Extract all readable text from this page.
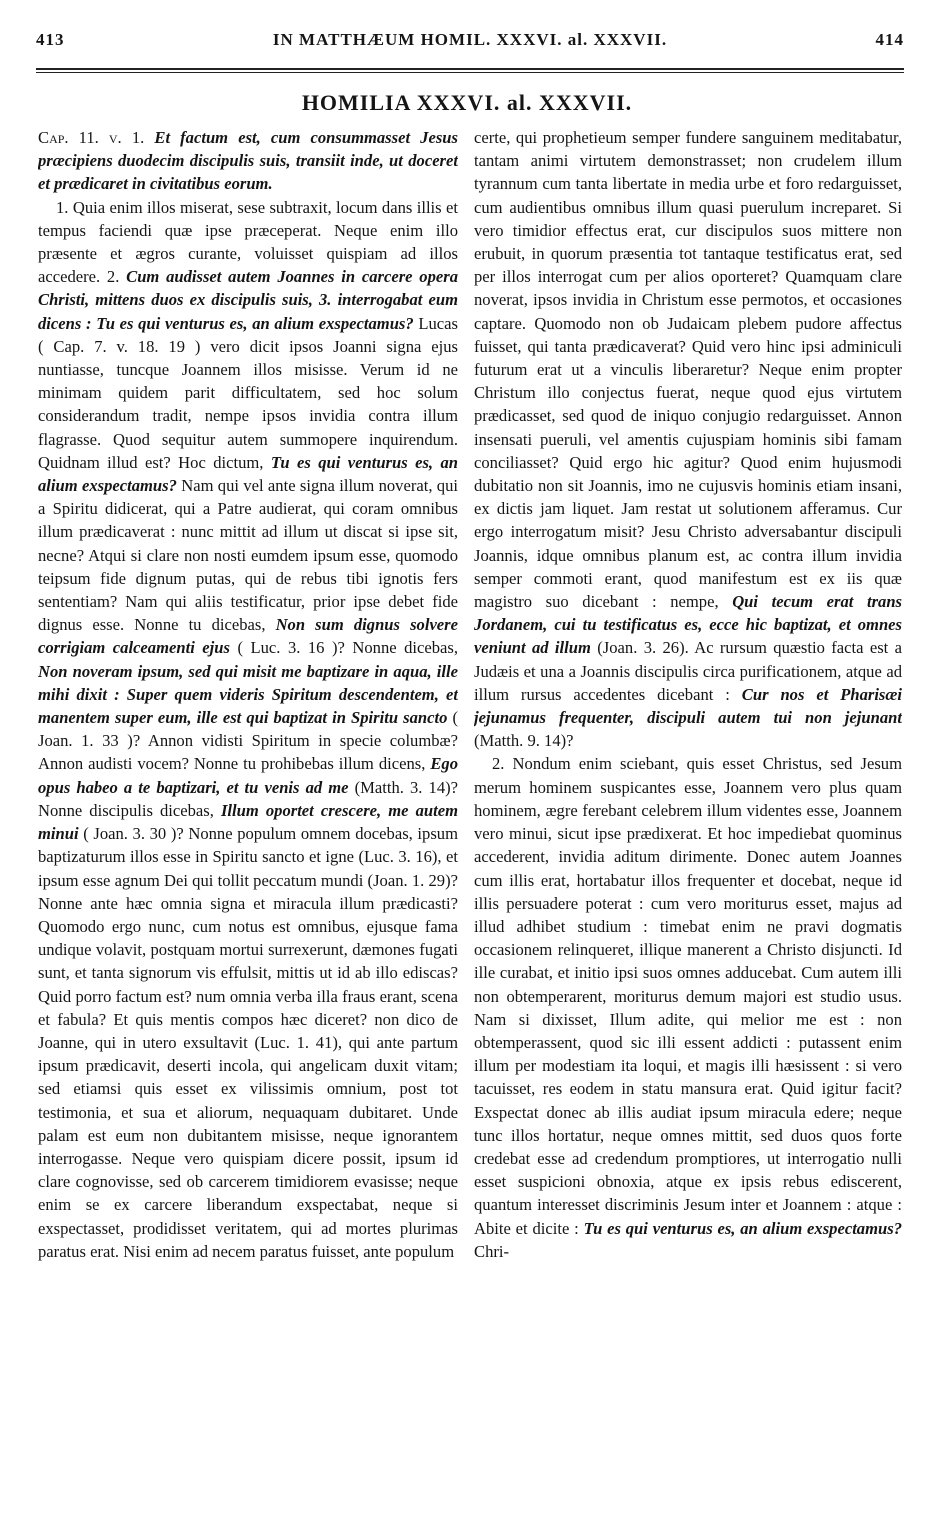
413	IN MATTHÆUM HOMIL. XXXVI. al. XXXVII.	414
HOMILIA XXXVI. al. XXXVII.

Cap. 11. v. 1. Et factum est, cum consummasset Jesus præcipiens duodecim discipulis suis, transiit inde, ut doceret et prædicaret in civitatibus eorum.

1. Quia enim illos miserat, sese subtraxit, locum dans illis et tempus faciendi quæ ipse præceperat. Neque enim illo præsente et ægros curante, voluisset quispiam ad illos accedere. 2. Cum audisset autem Joannes in carcere opera Christi, mittens duos ex discipulis suis, 3. interrogabat eum dicens : Tu es qui venturus es, an alium exspectamus? Lucas ( Cap. 7. v. 18. 19 ) vero dicit ipsos Joanni signa ejus nuntiasse, tuncque Joannem illos misisse. Verum id ne minimam quidem parit difficultatem, sed hoc solum considerandum tradit, nempe ipsos invidia contra illum flagrasse. Quod sequitur autem summopere inquirendum. Quidnam illud est? Hoc dictum, Tu es qui venturus es, an alium exspectamus? Nam qui vel ante signa illum noverat, qui a Spiritu didicerat, qui a Patre audierat, qui coram omnibus illum prædicaverat : nunc mittit ad illum ut discat si ipse sit, necne? Atqui si clare non nosti eumdem ipsum esse, quomodo teipsum fide dignum putas, qui de rebus tibi ignotis fers sententiam? Nam qui aliis testificatur, prior ipse debet fide dignus esse. Nonne tu dicebas, Non sum dignus solvere corrigiam calceamenti ejus ( Luc. 3. 16 )? Nonne dicebas, Non noveram ipsum, sed qui misit me baptizare in aqua, ille mihi dixit : Super quem videris Spiritum descendentem, et manentem super eum, ille est qui baptizat in Spiritu sancto ( Joan. 1. 33 )? Annon vidisti Spiritum in specie columbæ? Annon audisti vocem? Nonne tu prohibebas illum dicens, Ego opus habeo a te baptizari, et tu venis ad me (Matth. 3. 14)? Nonne discipulis dicebas, Illum oportet crescere, me autem minui ( Joan. 3. 30 )? Nonne populum omnem docebas, ipsum baptizaturum illos esse in Spiritu sancto et igne (Luc. 3. 16), et ipsum esse agnum Dei qui tollit peccatum mundi (Joan. 1. 29)? Nonne ante hæc omnia signa et miracula illum prædicasti? Quomodo ergo nunc, cum notus est omnibus, ejusque fama undique volavit, postquam mortui surrexerunt, dæmones fugati sunt, et tanta signorum vis effulsit, mittis ut id ab illo ediscas? Quid porro factum est? num omnia verba illa fraus erant, scena et fabula? Et quis mentis compos hæc diceret? non dico de Joanne, qui in utero exsultavit (Luc. 1. 41), qui ante partum ipsum prædicavit, deserti incola, qui angelicam duxit vitam; sed etiamsi quis esset ex vilissimis omnium, post tot testimonia, et sua et aliorum, nequaquam dubitaret. Unde palam est eum non dubitantem misisse, neque ignorantem interrogasse. Neque vero quispiam dicere possit, ipsum id clare cognovisse, sed ob carcerem timidiorem evasisse; neque enim se ex carcere liberandum exspectabat, neque si exspectasset, prodidisset veritatem, qui ad mortes plurimas paratus erat. Nisi enim ad necem paratus fuisset, ante populum

certe, qui prophetieum semper fundere sanguinem meditabatur, tantam animi virtutem demonstrasset; non crudelem illum tyrannum cum tanta libertate in media urbe et foro redarguisset, cum audientibus omnibus illum quasi puerulum increparet. Si vero timidior effectus erat, cur discipulos suos mittere non erubuit, in quorum præsentia tot tantaque testificatus erat, sed per illos interrogat cum per alios oporteret? Quamquam clare noverat, ipsos invidia in Christum esse permotos, et occasiones captare. Quomodo non ob Judaicam plebem pudore affectus fuisset, qui tanta prædicaverat? Quid vero hinc ipsi adminiculi futurum erat ut a vinculis liberaretur? Neque enim propter Christum illo conjectus fuerat, neque quod ejus virtutem prædicasset, sed quod de iniquo conjugio redarguisset. Annon insensati pueruli, vel amentis cujuspiam hominis sibi famam conciliasset? Quid ergo hic agitur? Quod enim hujusmodi dubitatio non sit Joannis, imo ne cujusvis hominis etiam insani, ex dictis jam liquet. Jam restat ut solutionem afferamus. Cur ergo interrogatum misit? Jesu Christo adversabantur discipuli Joannis, idque omnibus planum est, ac contra illum invidia semper commoti erant, quod manifestum est ex iis quæ magistro suo dicebant : nempe, Qui tecum erat trans Jordanem, cui tu testificatus es, ecce hic baptizat, et omnes veniunt ad illum (Joan. 3. 26). Ac rursum quæstio facta est a Judæis et una a Joannis discipulis circa purificationem, atque ad illum rursus accedentes dicebant : Cur nos et Pharisæi jejunamus frequenter, discipuli autem tui non jejunant (Matth. 9. 14)?

2. Nondum enim sciebant, quis esset Christus, sed Jesum merum hominem suspicantes esse, Joannem vero plus quam hominem, ægre ferebant celebrem illum videntes esse, Joannem vero minui, sicut ipse prædixerat. Et hoc impediebat quominus accederent, invidia aditum dirimente. Donec autem Joannes cum illis erat, hortabatur illos frequenter et docebat, neque id illis persuadere poterat : cum vero moriturus esset, majus ad illud adhibet studium : timebat enim ne pravi dogmatis occasionem relinqueret, illique manerent a Christo disjuncti. Id ille curabat, et initio ipsi suos omnes adducebat. Cum autem illi non obtemperarent, moriturus demum majori est studio usus. Nam si dixisset, Illum adite, qui melior me est : non obtemperassent, quod sic illi essent addicti : putassent enim illum per modestiam ita loqui, et magis illi hæsissent : si vero tacuisset, res eodem in statu mansura erat. Quid igitur facit? Exspectat donec ab illis audiat ipsum miracula edere; neque tunc illos hortatur, neque omnes mittit, sed duos quos forte credebat esse ad credendum promptiores, ut interrogatio nulli esset suspicioni obnoxia, atque ex ipsis rebus ediscerent, quantum interesset discriminis Jesum inter et Joannem : atque : Abite et dicite : Tu es qui venturus es, an alium exspectamus? Chri-
